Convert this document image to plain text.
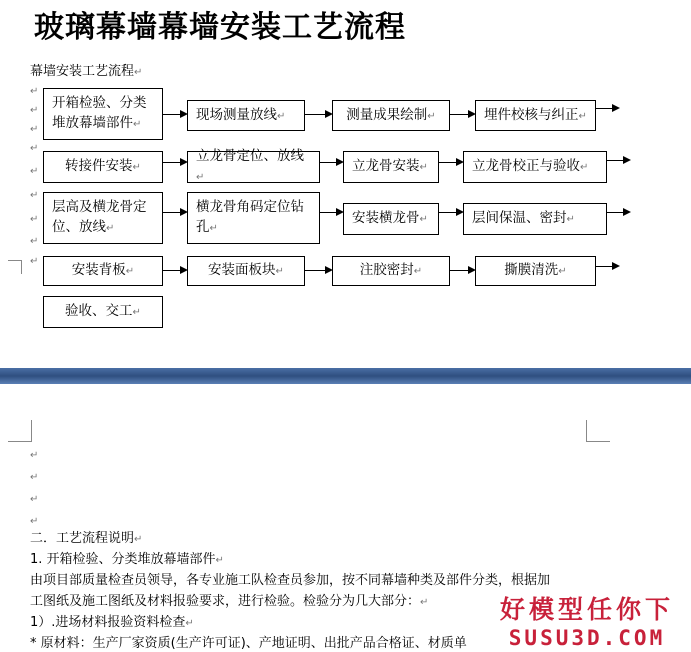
玻璃幕墙幕墙安装工艺流程
幕墙安装工艺流程↵
↵
↵
↵
↵
↵
↵
↵
↵
↵
开箱检验、分类堆放幕墙部件↵
现场测量放线↵	测量成果绘制↵	埋件校核与纠正↵
转接件安装↵
立龙骨定位、放线↵
立龙骨安装↵	立龙骨校正与验收↵
层高及横龙骨定位、放线↵
横龙骨角码定位钻孔↵
安装横龙骨↵	层间保温、密封↵
安装背板↵	安装面板块↵	注胶密封↵	撕膜清洗↵
验收、交工↵
↵
↵
↵
↵
二．工艺流程说明↵
1. 开箱检验、分类堆放幕墙部件↵
由项目部质量检查员领导，各专业施工队检查员参加，按不同幕墙种类及部件分类，根据加
工图纸及施工图纸及材料报验要求，进行检验。检验分为几大部分：↵
1）.进场材料报验资料检查↵
* 原材料：生产厂家资质(生产许可证)、产地证明、出批产品合格证、材质单
好模型任你下
SUSU3D.COM
